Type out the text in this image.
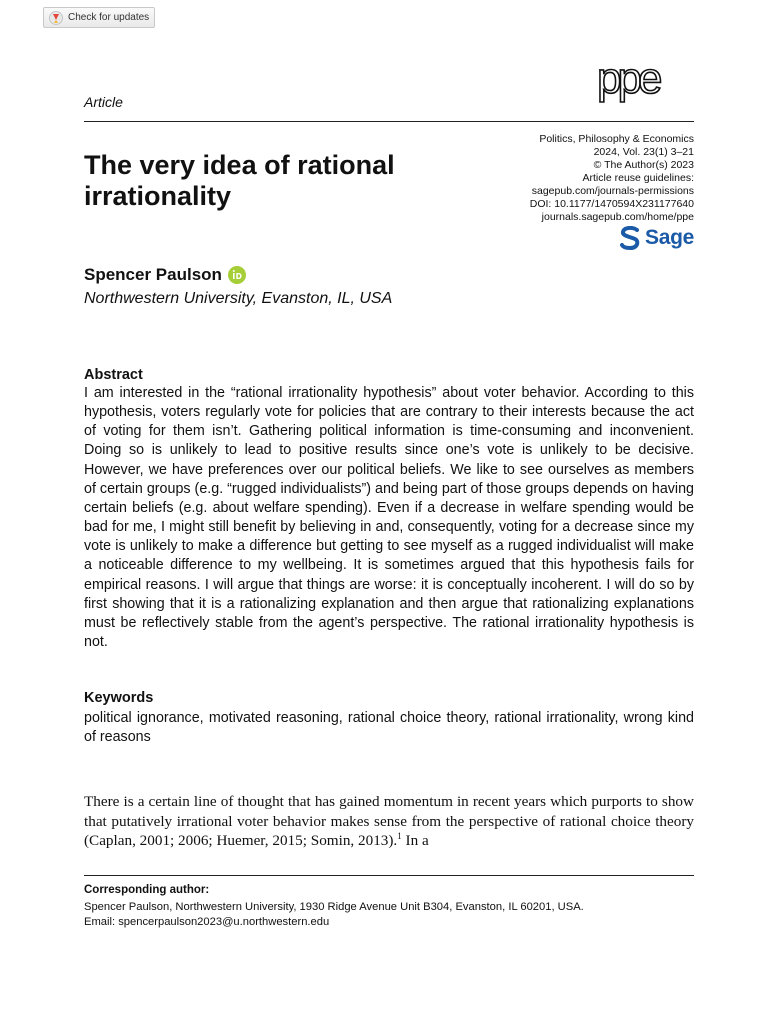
Check for updates
Article	ppe
The very idea of rational
irrationality
Politics, Philosophy & Economics
2024, Vol. 23(1) 3–21
© The Author(s) 2023
Article reuse guidelines:
sagepub.com/journals-permissions
DOI: 10.1177/1470594X231177640
journals.sagepub.com/home/ppe
Sage
Spencer Paulson
Northwestern University, Evanston, IL, USA
Abstract

I am interested in the “rational irrationality hypothesis” about voter behavior. According to this hypothesis, voters regularly vote for policies that are contrary to their interests because the act of voting for them isn’t. Gathering political information is time-consuming and inconvenient. Doing so is unlikely to lead to positive results since one’s vote is unlikely to be decisive. However, we have preferences over our political beliefs. We like to see ourselves as members of certain groups (e.g. “rugged individualists”) and being part of those groups depends on having certain beliefs (e.g. about welfare spending). Even if a decrease in welfare spending would be bad for me, I might still benefit by believing in and, consequently, voting for a decrease since my vote is unlikely to make a difference but getting to see myself as a rugged individualist will make a noticeable difference to my wellbeing. It is sometimes argued that this hypothesis fails for empirical reasons. I will argue that things are worse: it is conceptually incoherent. I will do so by first showing that it is a rationalizing explanation and then argue that rationalizing explanations must be reflectively stable from the agent’s perspective. The rational irrationality hypothesis is not.

Keywords

political ignorance, motivated reasoning, rational choice theory, rational irrationality, wrong kind of reasons

There is a certain line of thought that has gained momentum in recent years which purports to show that putatively irrational voter behavior makes sense from the perspective of rational choice theory (Caplan, 2001; 2006; Huemer, 2015; Somin, 2013).$^1$ In a

Corresponding author:
Spencer Paulson, Northwestern University, 1930 Ridge Avenue Unit B304, Evanston, IL 60201, USA.
Email: spencerpaulson2023@u.northwestern.edu
